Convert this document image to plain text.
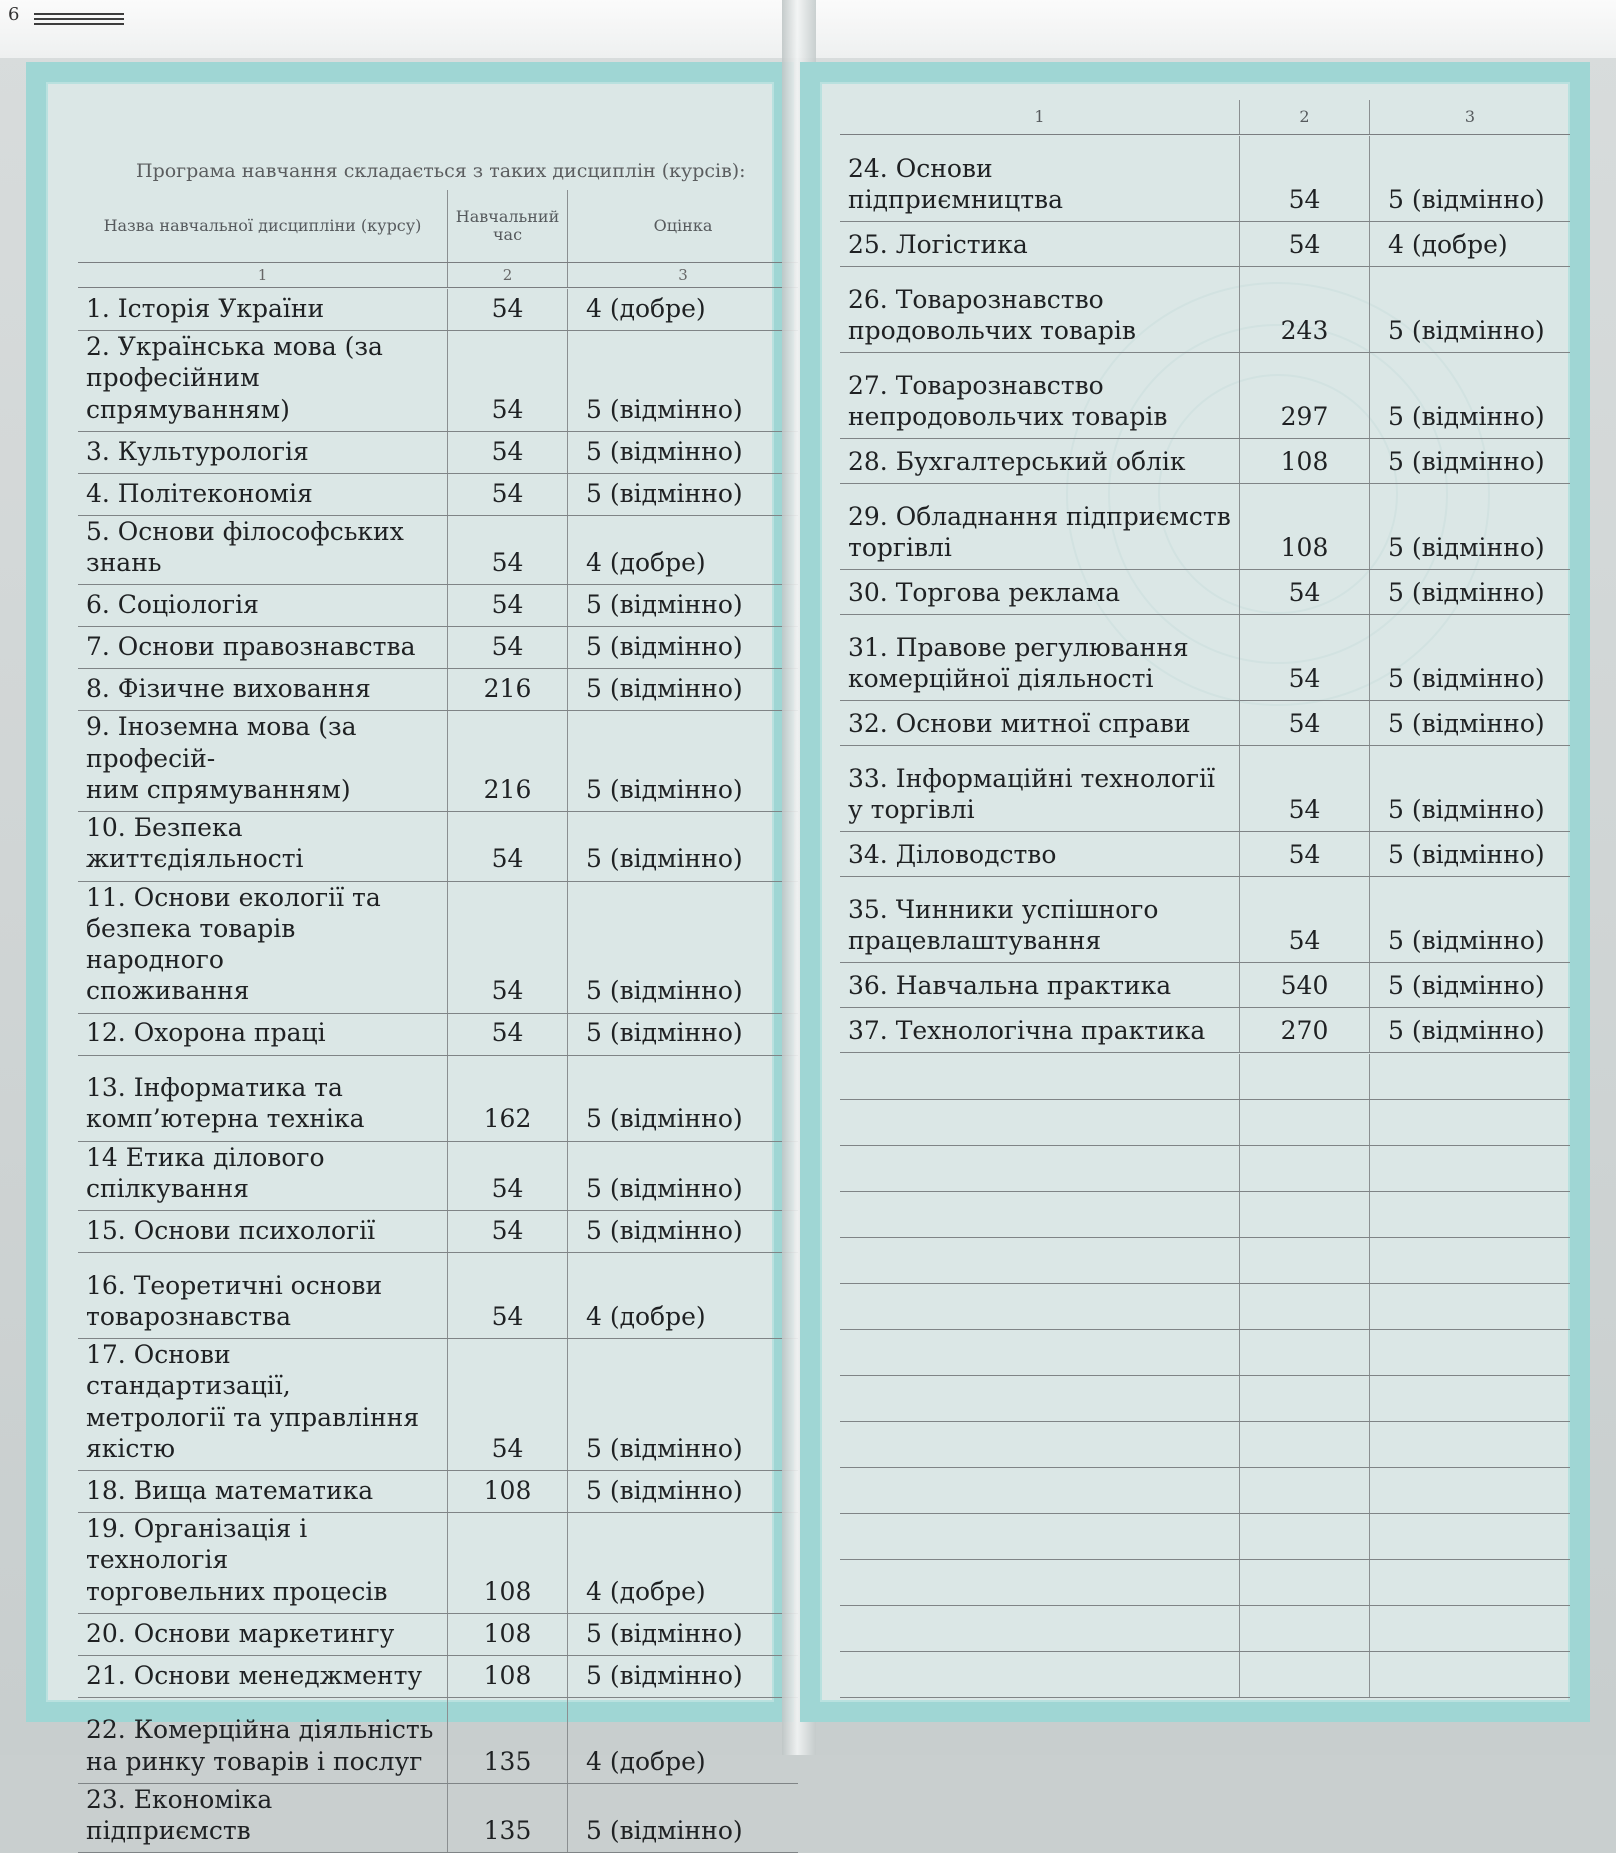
6
Програма навчання складається з таких дисциплін (курсів):
Назва навчальної дисципліни (курсу)	Навчальний час	Оцінка
1	2	3
1. Історія України	54	4 (добре)
2. Українська мова (за
професійним спрямуванням)	54	5 (відмінно)
3. Культурологія	54	5 (відмінно)
4. Політекономія	54	5 (відмінно)
5. Основи філософських знань	54	4 (добре)
6. Соціологія	54	5 (відмінно)
7. Основи правознавства	54	5 (відмінно)
8. Фізичне виховання	216	5 (відмінно)
9. Іноземна мова (за професій-
ним спрямуванням)	216	5 (відмінно)
10. Безпека життєдіяльності	54	5 (відмінно)
11. Основи екології та
безпека товарів народного
споживання	54	5 (відмінно)
12. Охорона праці	54	5 (відмінно)
13. Інформатика та
комп’ютерна техніка	162	5 (відмінно)
14 Етика ділового спілкування	54	5 (відмінно)
15. Основи психології	54	5 (відмінно)
16. Теоретичні основи
товарознавства	54	4 (добре)
17. Основи стандартизації,
метрології та управління
якістю	54	5 (відмінно)
18. Вища математика	108	5 (відмінно)
19. Організація і технологія
торговельних процесів	108	4 (добре)
20. Основи маркетингу	108	5 (відмінно)
21. Основи менеджменту	108	5 (відмінно)
22. Комерційна діяльність
на ринку товарів і послуг	135	4 (добре)
23. Економіка підприємств	135	5 (відмінно)
1	2	3
24. Основи
підприємництва	54	5 (відмінно)
25. Логістика	54	4 (добре)
26. Товарознавство
продовольчих товарів	243	5 (відмінно)
27. Товарознавство
непродовольчих товарів	297	5 (відмінно)
28. Бухгалтерський облік	108	5 (відмінно)
29. Обладнання підприємств
торгівлі	108	5 (відмінно)
30. Торгова реклама	54	5 (відмінно)
31. Правове регулювання
комерційної діяльності	54	5 (відмінно)
32. Основи митної справи	54	5 (відмінно)
33. Інформаційні технології
у торгівлі	54	5 (відмінно)
34. Діловодство	54	5 (відмінно)
35. Чинники успішного
працевлаштування	54	5 (відмінно)
36. Навчальна практика	540	5 (відмінно)
37. Технологічна практика	270	5 (відмінно)
